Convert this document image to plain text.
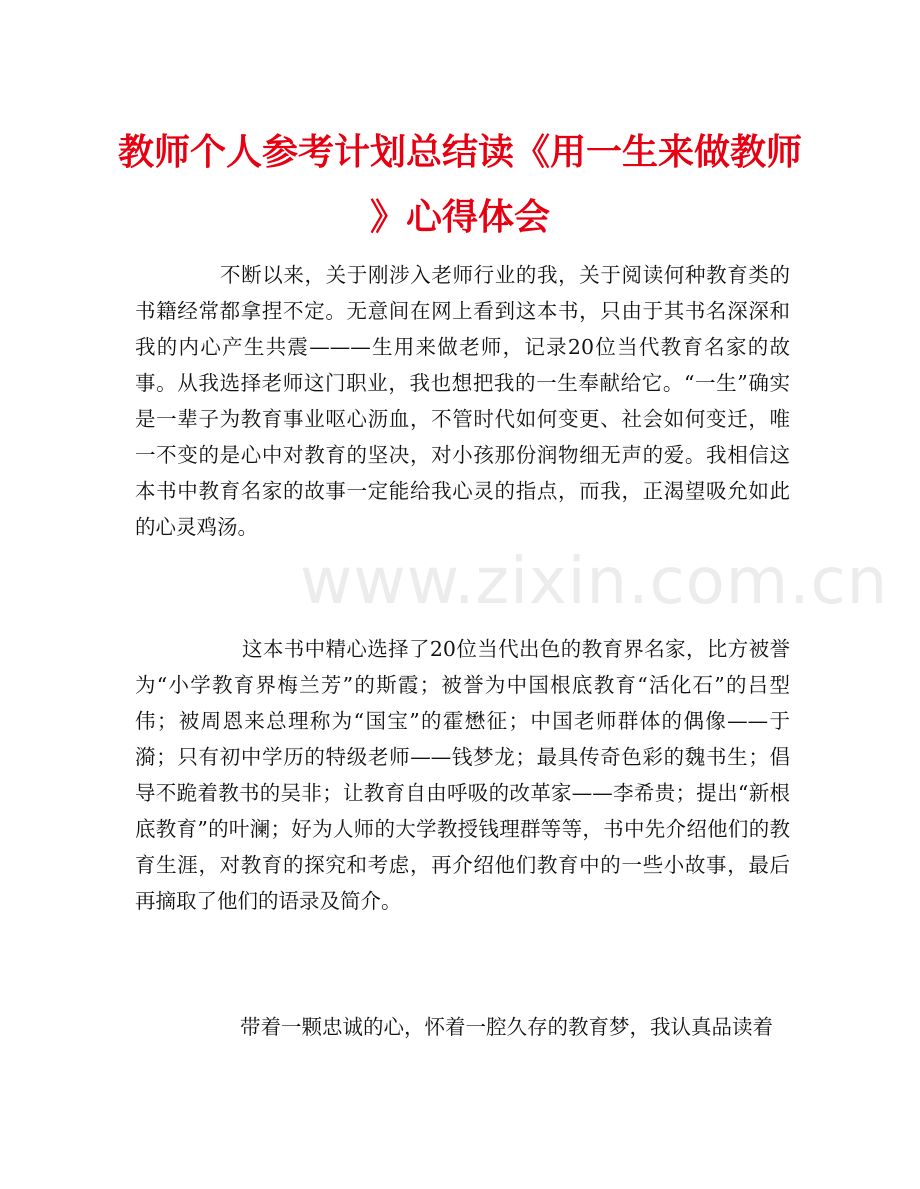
教师个人参考计划总结读《用一生来做教师
》心得体会

不断以来，关于刚涉入老师行业的我，关于阅读何种教育类的书籍经常都拿捏不定。无意间在网上看到这本书，只由于其书名深深和我的内心产生共震———生用来做老师，记录20位当代教育名家的故事。从我选择老师这门职业，我也想把我的一生奉献给它。“一生”确实是一辈子为教育事业呕心沥血，不管时代如何变更、社会如何变迁，唯一不变的是心中对教育的坚决，对小孩那份润物细无声的爱。我相信这本书中教育名家的故事一定能给我心灵的指点，而我，正渴望吸允如此的心灵鸡汤。

这本书中精心选择了20位当代出色的教育界名家，比方被誉为“小学教育界梅兰芳”的斯霞；被誉为中国根底教育“活化石”的吕型伟；被周恩来总理称为“国宝”的霍懋征；中国老师群体的偶像——于漪；只有初中学历的特级老师——钱梦龙；最具传奇色彩的魏书生；倡导不跪着教书的吴非；让教育自由呼吸的改革家——李希贵；提出“新根底教育”的叶澜；好为人师的大学教授钱理群等等，书中先介绍他们的教育生涯，对教育的探究和考虑，再介绍他们教育中的一些小故事，最后再摘取了他们的语录及简介。

带着一颗忠诚的心，怀着一腔久存的教育梦，我认真品读着

www.zixin.com.cn
